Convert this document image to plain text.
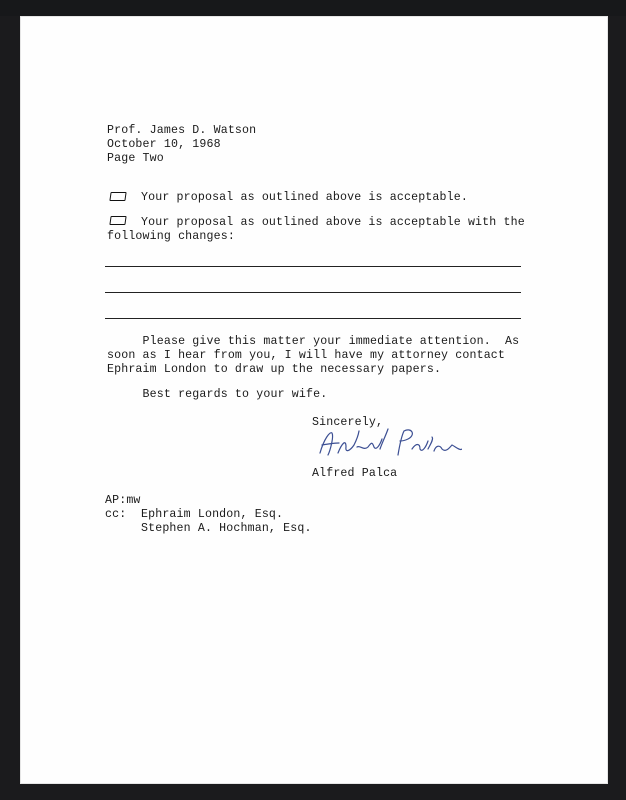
Prof. James D. Watson
October 10, 1968
Page Two
Your proposal as outlined above is acceptable.
Your proposal as outlined above is acceptable with the
following changes:
Please give this matter your immediate attention.  As
soon as I hear from you, I will have my attorney contact
Ephraim London to draw up the necessary papers.
Best regards to your wife.
Sincerely,
Alfred Palca
AP:mw
cc: Ephraim London, Esq.
Stephen A. Hochman, Esq.
